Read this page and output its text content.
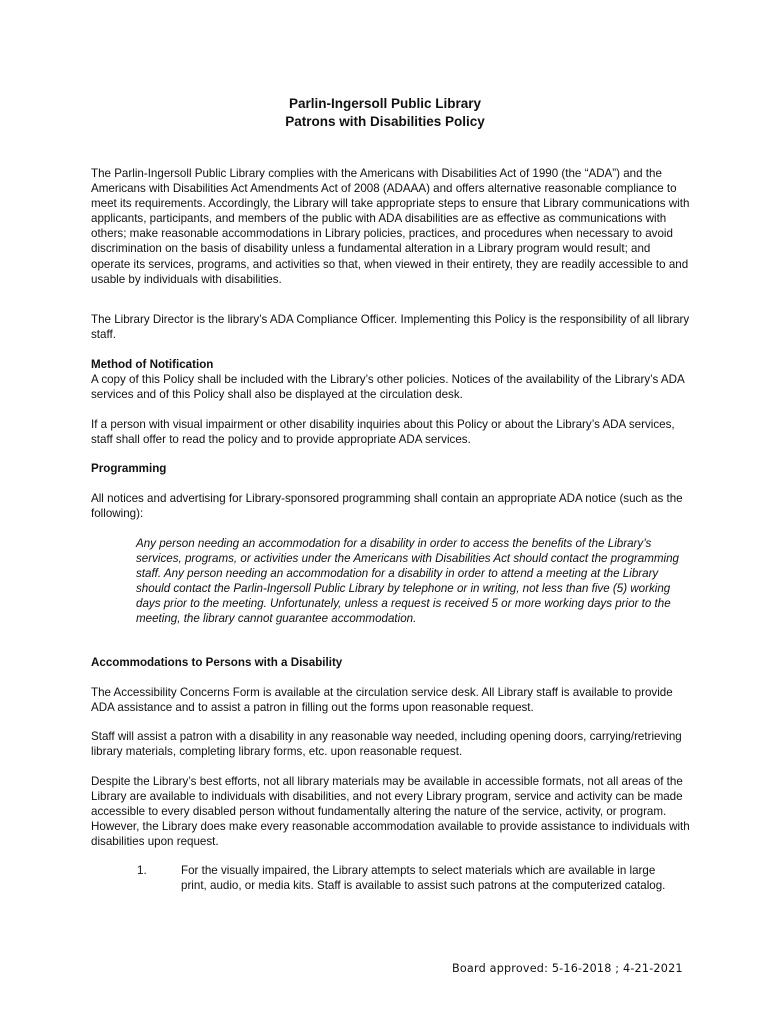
Parlin-Ingersoll Public Library
Patrons with Disabilities Policy

The Parlin-Ingersoll Public Library complies with the Americans with Disabilities Act of 1990 (the “ADA”) and the Americans with Disabilities Act Amendments Act of 2008 (ADAAA) and offers alternative reasonable compliance to meet its requirements. Accordingly, the Library will take appropriate steps to ensure that Library communications with applicants, participants, and members of the public with ADA disabilities are as effective as communications with others; make reasonable accommodations in Library policies, practices, and procedures when necessary to avoid discrimination on the basis of disability unless a fundamental alteration in a Library program would result; and operate its services, programs, and activities so that, when viewed in their entirety, they are readily accessible to and usable by individuals with disabilities.

The Library Director is the library’s ADA Compliance Officer. Implementing this Policy is the responsibility of all library staff.

Method of Notification

A copy of this Policy shall be included with the Library’s other policies. Notices of the availability of the Library’s ADA services and of this Policy shall also be displayed at the circulation desk.

If a person with visual impairment or other disability inquiries about this Policy or about the Library’s ADA services, staff shall offer to read the policy and to provide appropriate ADA services.

Programming

All notices and advertising for Library-sponsored programming shall contain an appropriate ADA notice (such as the following):

Any person needing an accommodation for a disability in order to access the benefits of the Library’s services, programs, or activities under the Americans with Disabilities Act should contact the programming staff. Any person needing an accommodation for a disability in order to attend a meeting at the Library should contact the Parlin-Ingersoll Public Library by telephone or in writing, not less than five (5) working days prior to the meeting. Unfortunately, unless a request is received 5 or more working days prior to the meeting, the library cannot guarantee accommodation.

Accommodations to Persons with a Disability

The Accessibility Concerns Form is available at the circulation service desk. All Library staff is available to provide ADA assistance and to assist a patron in filling out the forms upon reasonable request.

Staff will assist a patron with a disability in any reasonable way needed, including opening doors, carrying/retrieving library materials, completing library forms, etc. upon reasonable request.

Despite the Library’s best efforts, not all library materials may be available in accessible formats, not all areas of the Library are available to individuals with disabilities, and not every Library program, service and activity can be made accessible to every disabled person without fundamentally altering the nature of the service, activity, or program. However, the Library does make every reasonable accommodation available to provide assistance to individuals with disabilities upon request.

1.	For the visually impaired, the Library attempts to select materials which are available in large print, audio, or media kits. Staff is available to assist such patrons at the computerized catalog.

Board approved: 5-16-2018 ; 4-21-2021
